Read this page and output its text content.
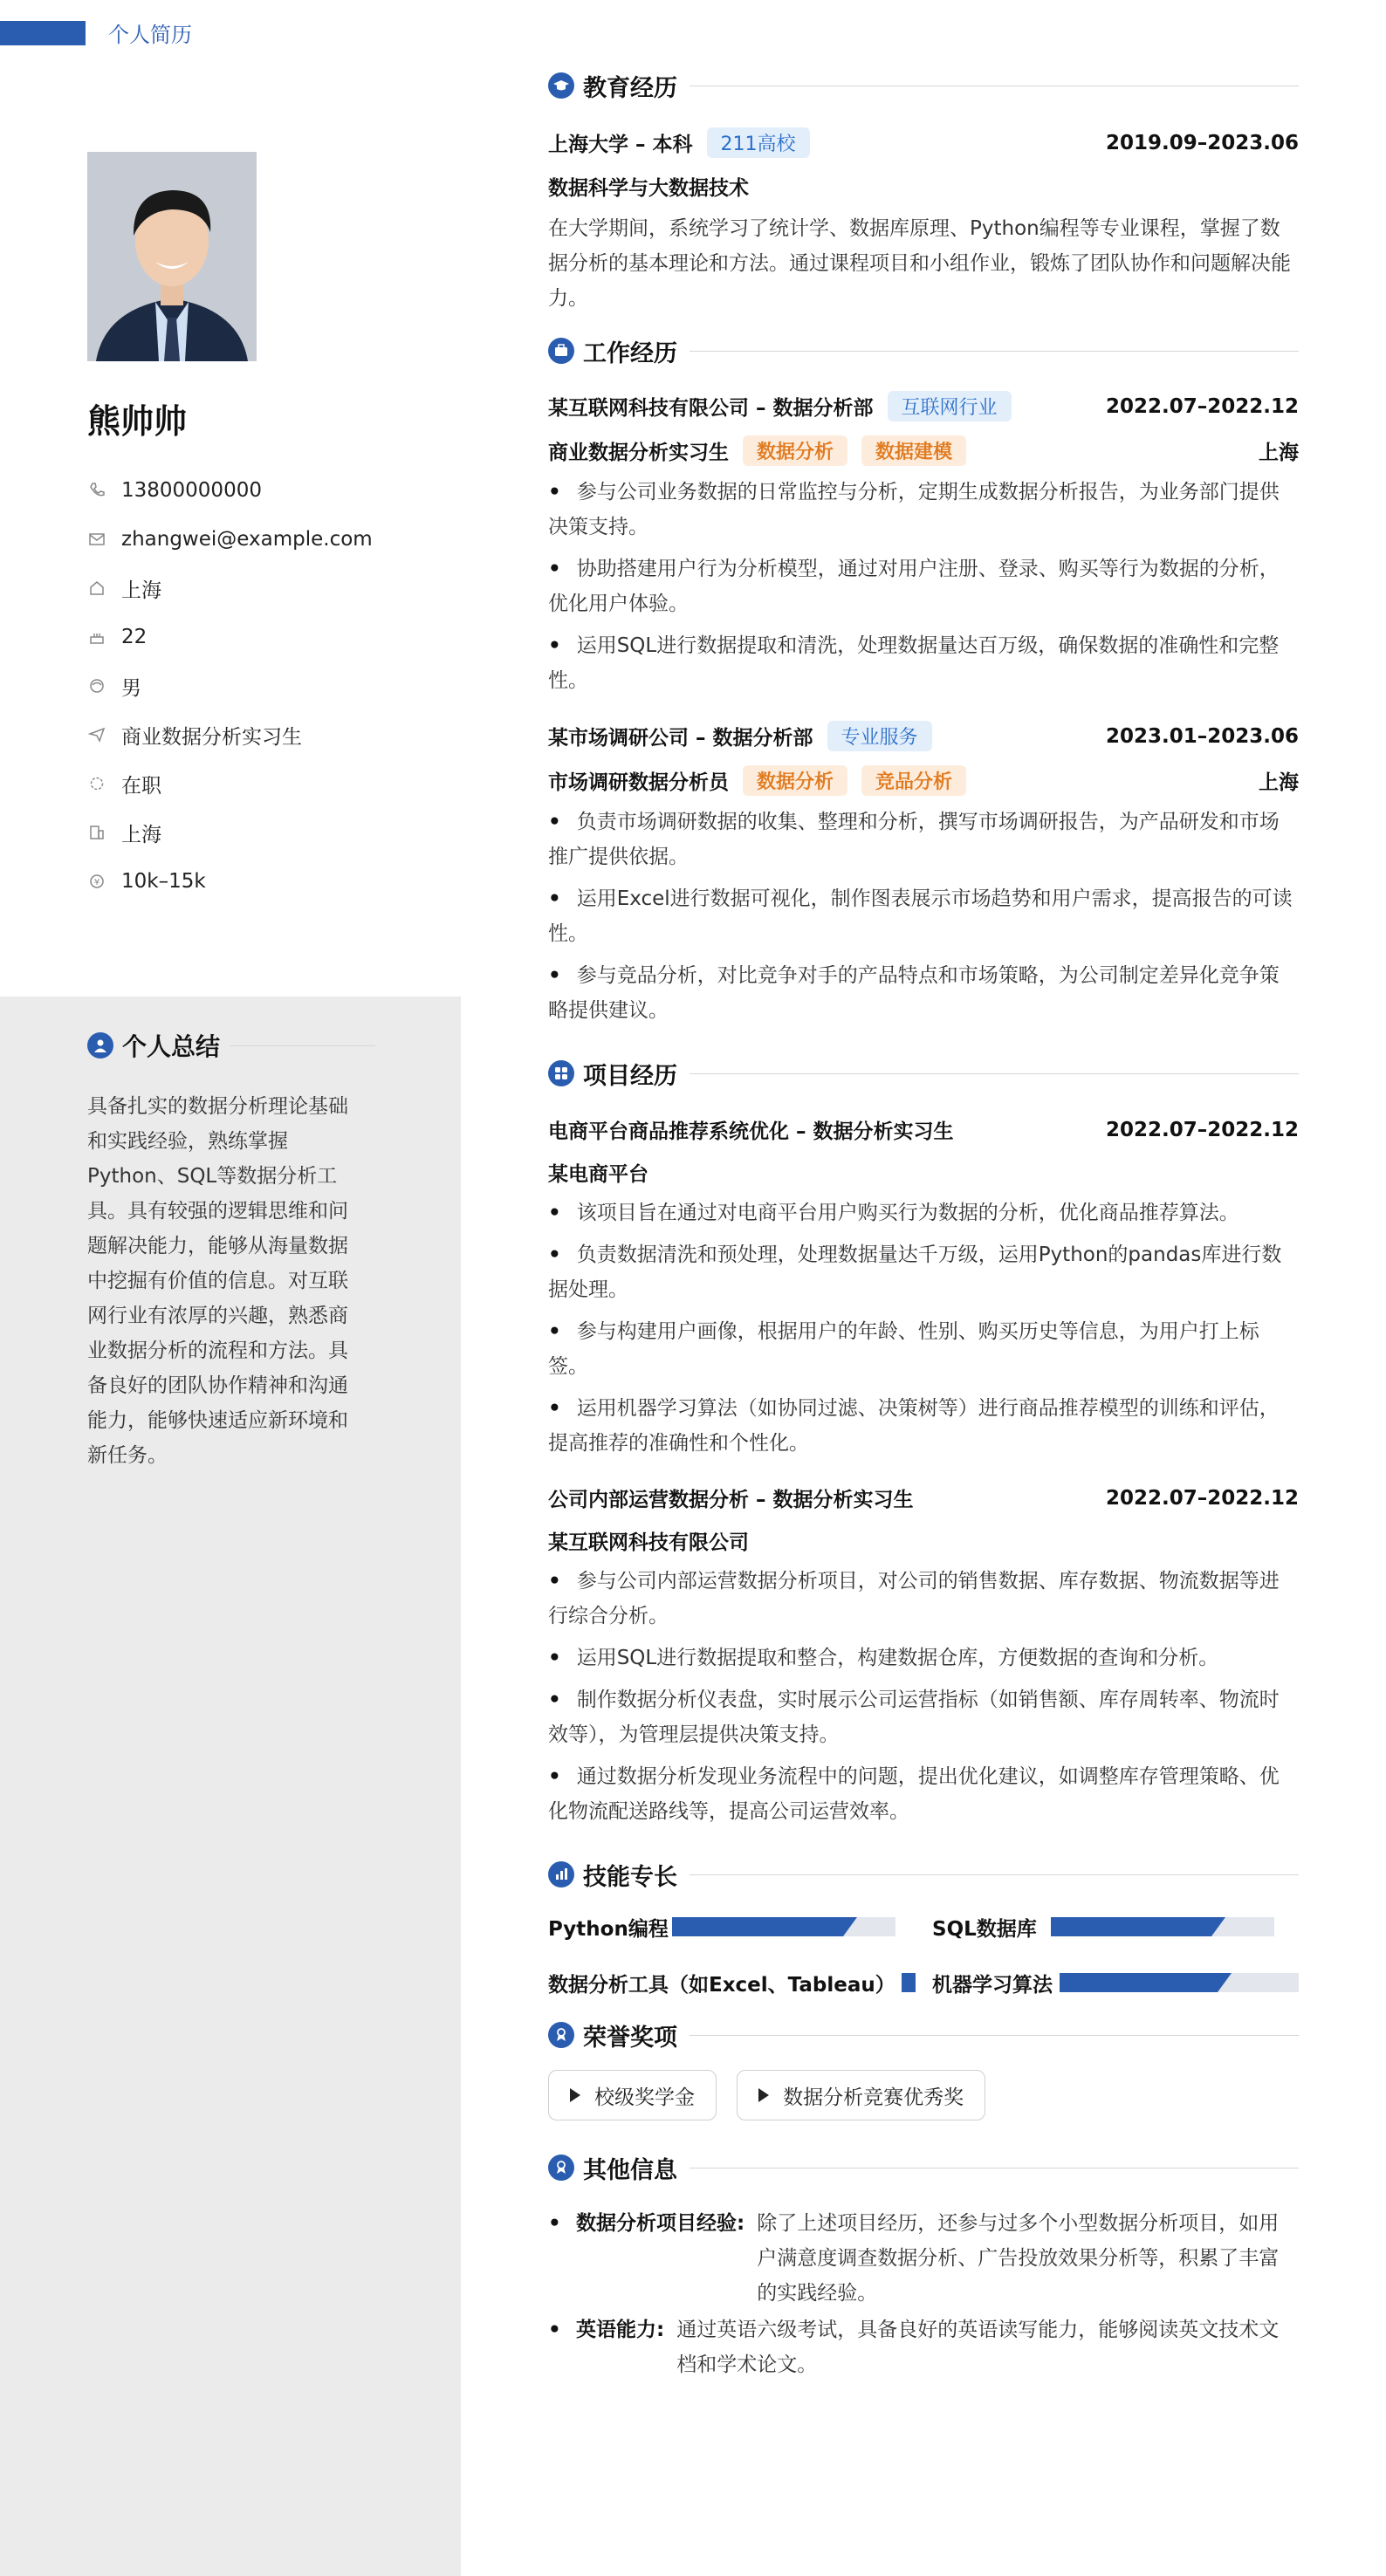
个人简历
熊帅帅
13800000000
zhangwei@example.com
上海
22
男
商业数据分析实习生
在职
上海
¥ 10k–15k
个人总结
具备扎实的数据分析理论基础和实践经验，熟练掌握Python、SQL等数据分析工具。具有较强的逻辑思维和问题解决能力，能够从海量数据中挖掘有价值的信息。对互联网行业有浓厚的兴趣，熟悉商业数据分析的流程和方法。具备良好的团队协作精神和沟通能力，能够快速适应新环境和新任务。
教育经历
上海大学 – 本科	211高校	2019.09–2023.06
数据科学与大数据技术
在大学期间，系统学习了统计学、数据库原理、Python编程等专业课程，掌握了数据分析的基本理论和方法。通过课程项目和小组作业，锻炼了团队协作和问题解决能力。
工作经历
某互联网科技有限公司 – 数据分析部	互联网行业	2022.07–2022.12
商业数据分析实习生	数据分析	数据建模	上海
• 参与公司业务数据的日常监控与分析，定期生成数据分析报告，为业务部门提供决策支持。
• 协助搭建用户行为分析模型，通过对用户注册、登录、购买等行为数据的分析，优化用户体验。
• 运用SQL进行数据提取和清洗，处理数据量达百万级，确保数据的准确性和完整性。
某市场调研公司 – 数据分析部	专业服务	2023.01–2023.06
市场调研数据分析员	数据分析	竞品分析	上海
• 负责市场调研数据的收集、整理和分析，撰写市场调研报告，为产品研发和市场推广提供依据。
• 运用Excel进行数据可视化，制作图表展示市场趋势和用户需求，提高报告的可读性。
• 参与竞品分析，对比竞争对手的产品特点和市场策略，为公司制定差异化竞争策略提供建议。
项目经历
电商平台商品推荐系统优化 – 数据分析实习生	2022.07–2022.12
某电商平台
• 该项目旨在通过对电商平台用户购买行为数据的分析，优化商品推荐算法。
• 负责数据清洗和预处理，处理数据量达千万级，运用Python的pandas库进行数据处理。
• 参与构建用户画像，根据用户的年龄、性别、购买历史等信息，为用户打上标签。
• 运用机器学习算法（如协同过滤、决策树等）进行商品推荐模型的训练和评估，提高推荐的准确性和个性化。
公司内部运营数据分析 – 数据分析实习生	2022.07–2022.12
某互联网科技有限公司
• 参与公司内部运营数据分析项目，对公司的销售数据、库存数据、物流数据等进行综合分析。
• 运用SQL进行数据提取和整合，构建数据仓库，方便数据的查询和分析。
• 制作数据分析仪表盘，实时展示公司运营指标（如销售额、库存周转率、物流时效等），为管理层提供决策支持。
• 通过数据分析发现业务流程中的问题，提出优化建议，如调整库存管理策略、优化物流配送路线等，提高公司运营效率。
技能专长
Python编程	SQL数据库
数据分析工具（如Excel、Tableau）	机器学习算法
荣誉奖项
校级奖学金
	数据分析竞赛优秀奖
其他信息
• 数据分析项目经验: 除了上述项目经历，还参与过多个小型数据分析项目，如用户满意度调查数据分析、广告投放效果分析等，积累了丰富的实践经验。
• 英语能力: 通过英语六级考试，具备良好的英语读写能力，能够阅读英文技术文档和学术论文。
